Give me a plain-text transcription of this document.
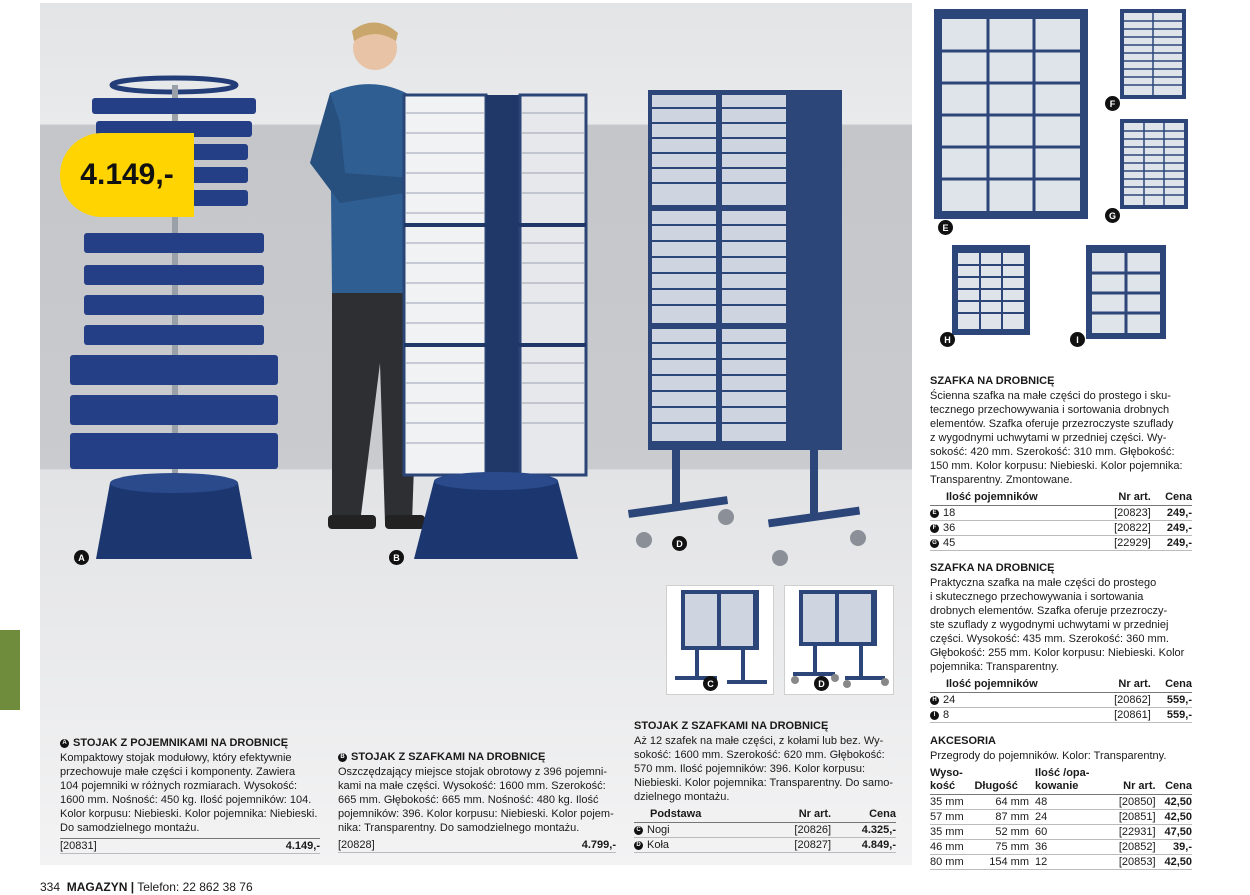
4.149,-
A	B
D
C	D
E
F
G
H	I
A STOJAK Z POJEMNIKAMI NA DROBNICĘ

Kompaktowy stojak modułowy, który efektywnie

przechowuje małe części i komponenty. Zawiera

104 pojemniki w różnych rozmiarach. Wysokość:

1600 mm. Nośność: 450 kg. Ilość pojemników: 104.

Kolor korpusu: Niebieski. Kolor pojemnika: Niebieski.

Do samodzielnego montażu.

[20831]	4.149,-
B STOJAK Z SZAFKAMI NA DROBNICĘ

Oszczędzający miejsce stojak obrotowy z 396 pojemni-

kami na małe części. Wysokość: 1600 mm. Szerokość:

665 mm. Głębokość: 665 mm. Nośność: 480 kg. Ilość

pojemników: 396. Kolor korpusu: Niebieski. Kolor pojem-

nika: Transparentny. Do samodzielnego montażu.

[20828]	4.799,-
STOJAK Z SZAFKAMI NA DROBNICĘ

Aż 12 szafek na małe części, z kołami lub bez. Wy-

sokość: 1600 mm. Szerokość: 620 mm. Głębokość:

570 mm. Ilość pojemników: 396. Kolor korpusu:

Niebieski. Kolor pojemnika: Transparentny. Do samo-

dzielnego montażu.

Podstawa	Nr art.	Cena
C Nogi	[20826]	4.325,-
D Koła	[20827]	4.849,-
SZAFKA NA DROBNICĘ

Ścienna szafka na małe części do prostego i sku-

tecznego przechowywania i sortowania drobnych

elementów. Szafka oferuje przezroczyste szuflady

z wygodnymi uchwytami w przedniej części. Wy-

sokość: 420 mm. Szerokość: 310 mm. Głębokość:

150 mm. Kolor korpusu: Niebieski. Kolor pojemnika:

Transparentny. Zmontowane.

Ilość pojemników	Nr art.	Cena
E 18	[20823]	249,-
F 36	[20822]	249,-
G 45	[22929]	249,-
SZAFKA NA DROBNICĘ

Praktyczna szafka na małe części do prostego

i skutecznego przechowywania i sortowania

drobnych elementów. Szafka oferuje przezroczy-

ste szuflady z wygodnymi uchwytami w przedniej

części. Wysokość: 435 mm. Szerokość: 360 mm.

Głębokość: 255 mm. Kolor korpusu: Niebieski. Kolor

pojemnika: Transparentny.

Ilość pojemników	Nr art.	Cena
H 24	[20862]	559,-
I 8	[20861]	559,-
AKCESORIA

Przegrody do pojemników. Kolor: Transparentny.

Wyso-
kość	Długość	Ilość /opa-
kowanie	Nr art.	Cena
35 mm	64 mm	48	[20850]	42,50
57 mm	87 mm	24	[20851]	42,50
35 mm	52 mm	60	[22931]	47,50
46 mm	75 mm	36	[20852]	39,-
80 mm	154 mm	12	[20853]	42,50
334 MAGAZYN | Telefon: 22 862 38 76
